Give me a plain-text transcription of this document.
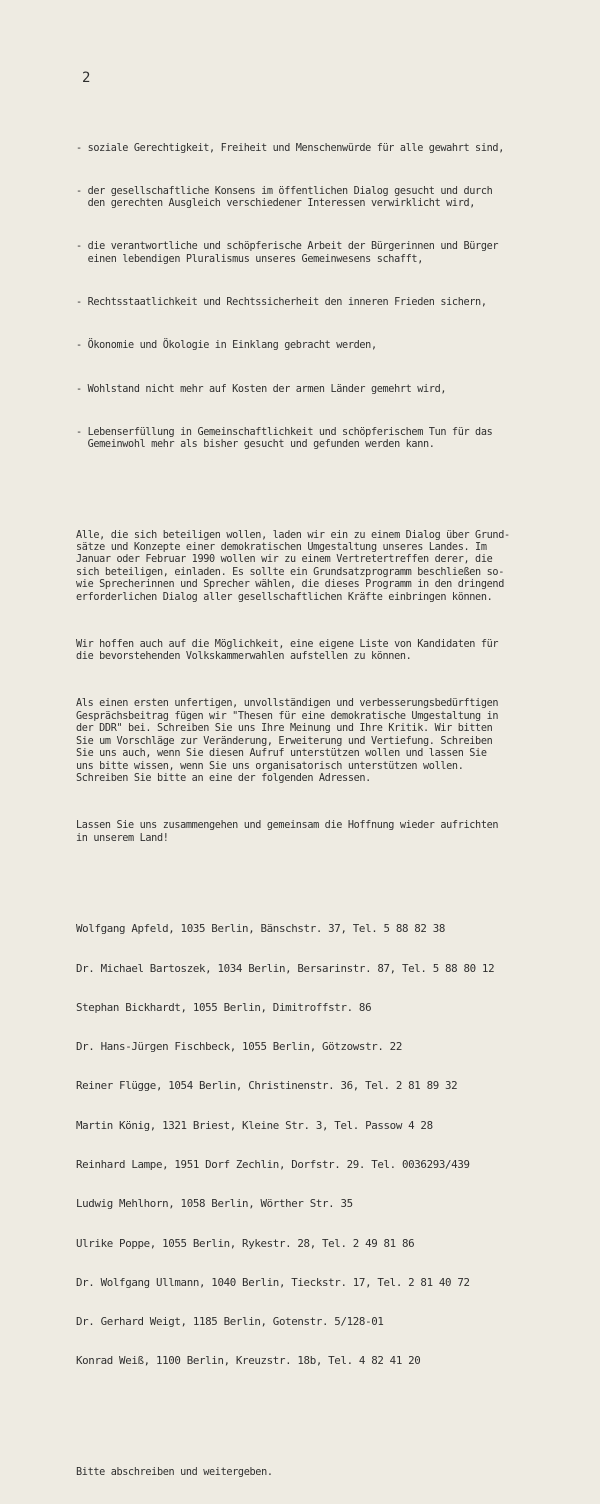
2

- soziale Gerechtigkeit, Freiheit und Menschenwürde für alle gewahrt sind,

- der gesellschaftliche Konsens im öffentlichen Dialog gesucht und durch
den gerechten Ausgleich verschiedener Interessen verwirklicht wird,

- die verantwortliche und schöpferische Arbeit der Bürgerinnen und Bürger
einen lebendigen Pluralismus unseres Gemeinwesens schafft,

- Rechtsstaatlichkeit und Rechtssicherheit den inneren Frieden sichern,

- Ökonomie und Ökologie in Einklang gebracht werden,

- Wohlstand nicht mehr auf Kosten der armen Länder gemehrt wird,

- Lebenserfüllung in Gemeinschaftlichkeit und schöpferischem Tun für das
Gemeinwohl mehr als bisher gesucht und gefunden werden kann.

Alle, die sich beteiligen wollen, laden wir ein zu einem Dialog über Grund-
sätze und Konzepte einer demokratischen Umgestaltung unseres Landes. Im
Januar oder Februar 1990 wollen wir zu einem Vertretertreffen derer, die
sich beteiligen, einladen. Es sollte ein Grundsatzprogramm beschließen so-
wie Sprecherinnen und Sprecher wählen, die dieses Programm in den dringend
erforderlichen Dialog aller gesellschaftlichen Kräfte einbringen können.

Wir hoffen auch auf die Möglichkeit, eine eigene Liste von Kandidaten für
die bevorstehenden Volkskammerwahlen aufstellen zu können.

Als einen ersten unfertigen, unvollständigen und verbesserungsbedürftigen
Gesprächsbeitrag fügen wir "Thesen für eine demokratische Umgestaltung in
der DDR" bei. Schreiben Sie uns Ihre Meinung und Ihre Kritik. Wir bitten
Sie um Vorschläge zur Veränderung, Erweiterung und Vertiefung. Schreiben
Sie uns auch, wenn Sie diesen Aufruf unterstützen wollen und lassen Sie
uns bitte wissen, wenn Sie uns organisatorisch unterstützen wollen.
Schreiben Sie bitte an eine der folgenden Adressen.

Lassen Sie uns zusammengehen und gemeinsam die Hoffnung wieder aufrichten
in unserem Land!

Wolfgang Apfeld, 1035 Berlin, Bänschstr. 37, Tel. 5 88 82 38

Dr. Michael Bartoszek, 1034 Berlin, Bersarinstr. 87, Tel. 5 88 80 12

Stephan Bickhardt, 1055 Berlin, Dimitroffstr. 86

Dr. Hans-Jürgen Fischbeck, 1055 Berlin, Götzowstr. 22

Reiner Flügge, 1054 Berlin, Christinenstr. 36, Tel. 2 81 89 32

Martin König, 1321 Briest, Kleine Str. 3, Tel. Passow 4 28

Reinhard Lampe, 1951 Dorf Zechlin, Dorfstr. 29. Tel. 0036293/439

Ludwig Mehlhorn, 1058 Berlin, Wörther Str. 35

Ulrike Poppe, 1055 Berlin, Rykestr. 28, Tel. 2 49 81 86

Dr. Wolfgang Ullmann, 1040 Berlin, Tieckstr. 17, Tel. 2 81 40 72

Dr. Gerhard Weigt, 1185 Berlin, Gotenstr. 5/128-01

Konrad Weiß, 1100 Berlin, Kreuzstr. 18b, Tel. 4 82 41 20

Bitte abschreiben und weitergeben.
